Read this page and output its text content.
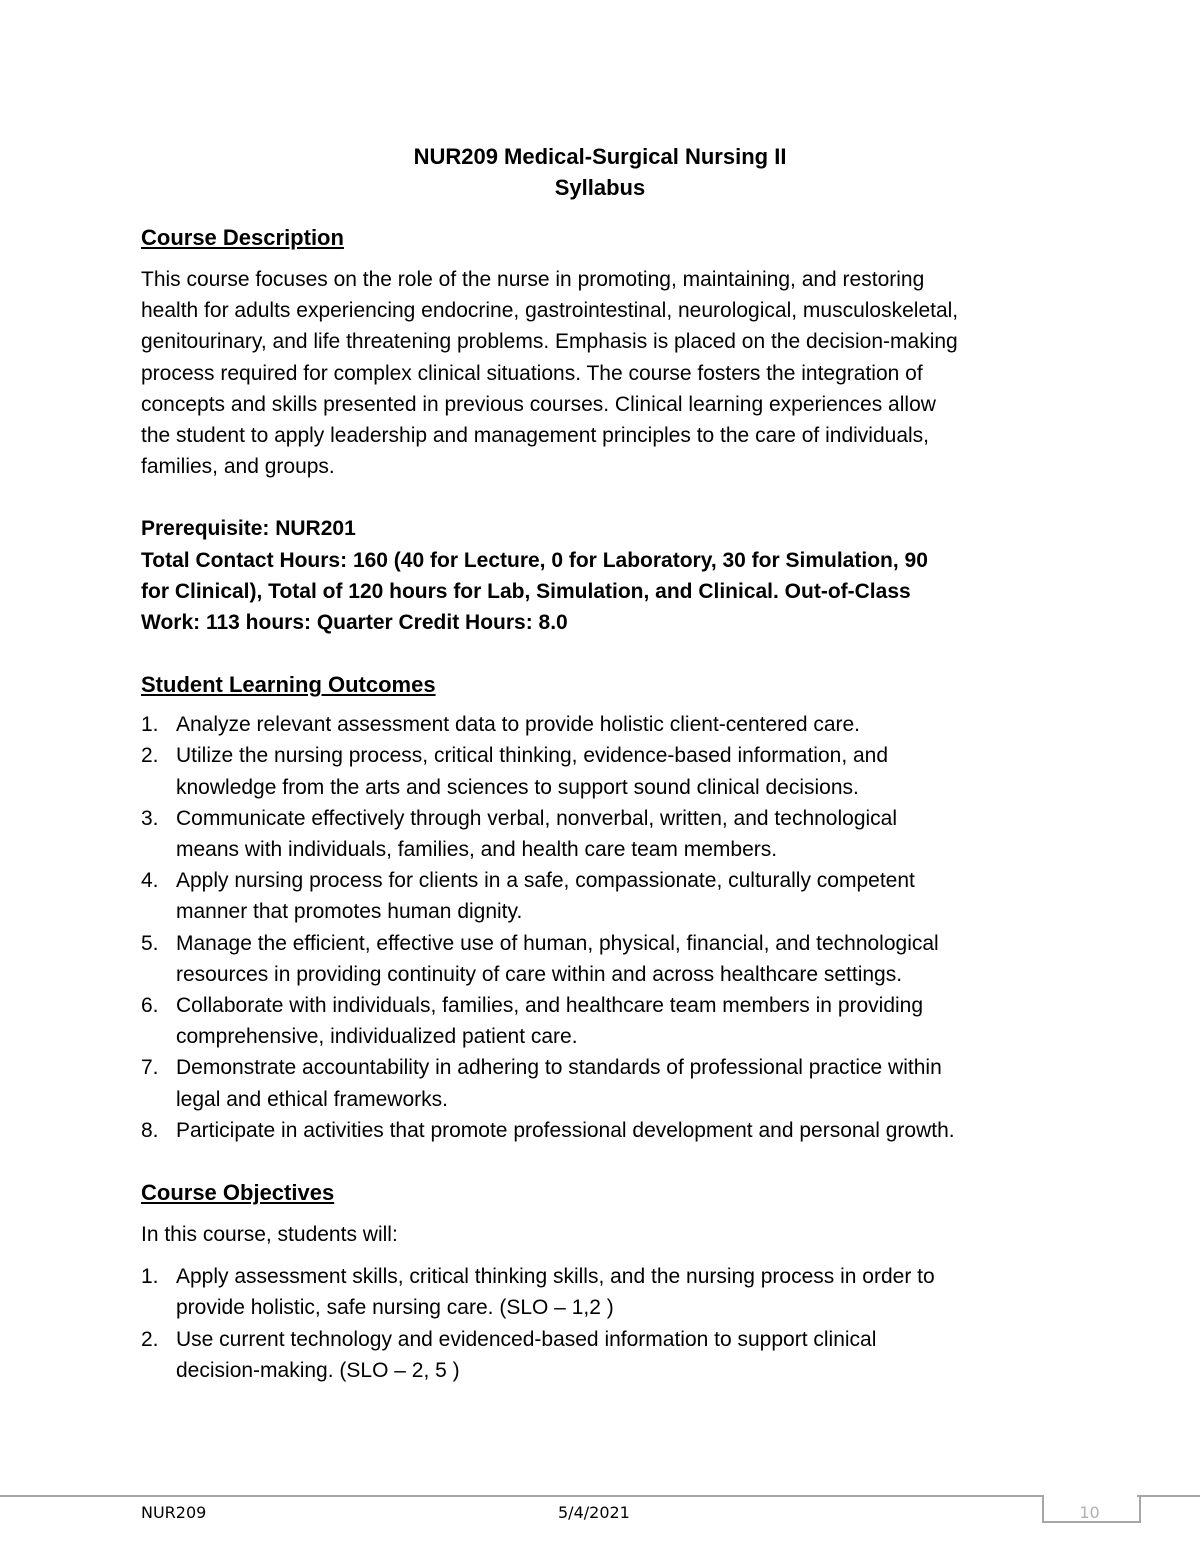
NUR209 Medical-Surgical Nursing II

Syllabus

Course Description

This course focuses on the role of the nurse in promoting, maintaining, and restoring

health for adults experiencing endocrine, gastrointestinal, neurological, musculoskeletal,

genitourinary, and life threatening problems. Emphasis is placed on the decision-making

process required for complex clinical situations. The course fosters the integration of

concepts and skills presented in previous courses. Clinical learning experiences allow

the student to apply leadership and management principles to the care of individuals,

families, and groups.

Prerequisite: NUR201

Total Contact Hours: 160 (40 for Lecture, 0 for Laboratory, 30 for Simulation, 90

for Clinical), Total of 120 hours for Lab, Simulation, and Clinical. Out-of-Class

Work: 113 hours: Quarter Credit Hours: 8.0

Student Learning Outcomes

1. Analyze relevant assessment data to provide holistic client-centered care.
2. Utilize the nursing process, critical thinking, evidence-based information, and
knowledge from the arts and sciences to support sound clinical decisions.
3. Communicate effectively through verbal, nonverbal, written, and technological
means with individuals, families, and health care team members.
4. Apply nursing process for clients in a safe, compassionate, culturally competent
manner that promotes human dignity.
5. Manage the efficient, effective use of human, physical, financial, and technological
resources in providing continuity of care within and across healthcare settings.
6. Collaborate with individuals, families, and healthcare team members in providing
comprehensive, individualized patient care.
7. Demonstrate accountability in adhering to standards of professional practice within
legal and ethical frameworks.
8. Participate in activities that promote professional development and personal growth.

Course Objectives

In this course, students will:

1. Apply assessment skills, critical thinking skills, and the nursing process in order to
provide holistic, safe nursing care. (SLO – 1,2 )
2. Use current technology and evidenced-based information to support clinical
decision-making. (SLO – 2, 5 )
NUR209	5/4/2021	10
